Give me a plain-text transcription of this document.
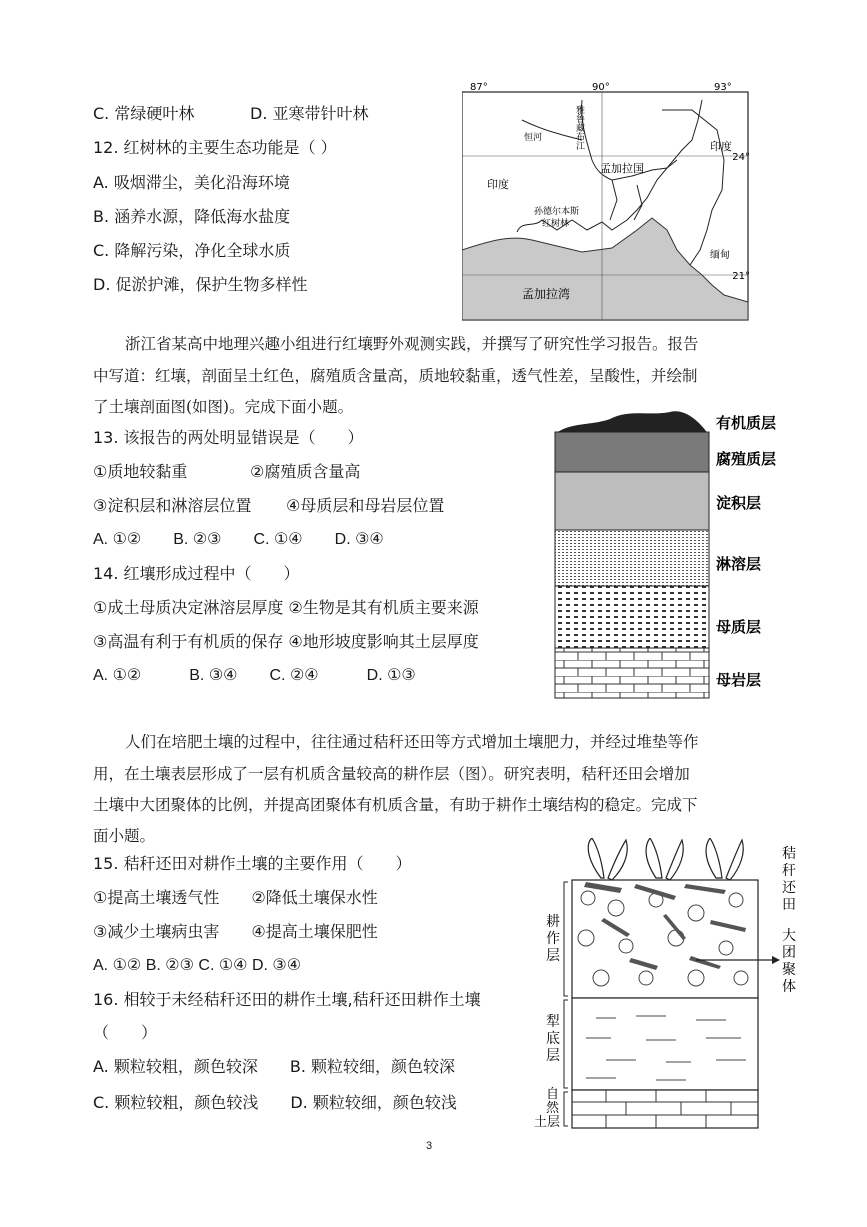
C. 常绿硬叶林	D. 亚寒带针叶林
12. 红树林的主要生态功能是（ ）
A. 吸烟滞尘，美化沿海环境
B. 涵养水源，降低海水盐度
C. 降解污染，净化全球水质
D. 促淤护滩，保护生物多样性
87°	90°	93°
24°
21°
雅鲁藏布江
恒河
印度
印度
孟加拉国
孙德尔本斯
红树林
缅甸
孟加拉湾
浙江省某高中地理兴趣小组进行红壤野外观测实践，并撰写了研究性学习报告。报告
中写道：红壤，剖面呈土红色，腐殖质含量高，质地较黏重，透气性差，呈酸性，并绘制
了土壤剖面图(如图)。完成下面小题。
有机质层
腐殖质层
淀积层
淋溶层
母质层
母岩层
13. 该报告的两处明显错误是（　　）
①质地较黏重	②腐殖质含量高
③淀积层和淋溶层位置 ④母质层和母岩层位置
A. ①②　　B. ②③　　C. ①④　　D. ③④
14. 红壤形成过程中（　　）
①成土母质决定淋溶层厚度 ②生物是其有机质主要来源
③高温有利于有机质的保存 ④地形坡度影响其土层厚度
A. ①②　　　B. ③④　　C. ②④　　　D. ①③
人们在培肥土壤的过程中，往往通过秸秆还田等方式增加土壤肥力，并经过堆垫等作
用，在土壤表层形成了一层有机质含量较高的耕作层（图）。研究表明，秸秆还田会增加
土壤中大团聚体的比例，并提高团聚体有机质含量，有助于耕作土壤结构的稳定。完成下
面小题。
秸
秆
还
田
大
团
聚
体
耕
作
层
犁
底
层
自
然
土层
15. 秸秆还田对耕作土壤的主要作用（　　）
①提高土壤透气性　　②降低土壤保水性
③减少土壤病虫害　　④提高土壤保肥性
A. ①② B. ②③ C. ①④ D. ③④
16. 相较于未经秸秆还田的耕作土壤,秸秆还田耕作土壤
（　　）
A. 颗粒较粗，颜色较深　　B. 颗粒较细，颜色较深
C. 颗粒较粗，颜色较浅　　D. 颗粒较细，颜色较浅
3
